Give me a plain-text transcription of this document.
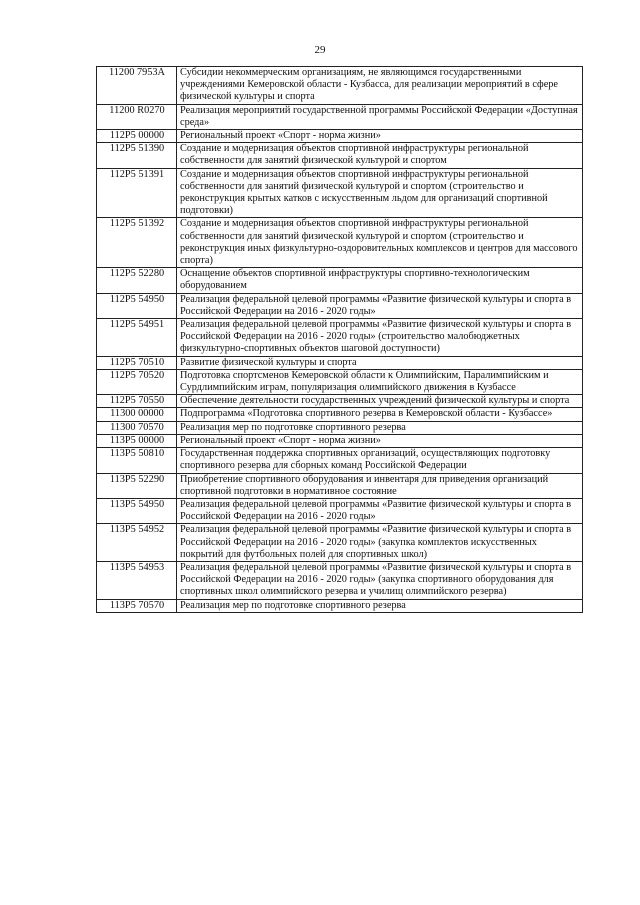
29
11200 7953A	Субсидии некоммерческим организациям, не являющимся государственными учреждениями Кемеровской области - Кузбасса, для реализации мероприятий в сфере физической культуры и спорта
11200 R0270	Реализация мероприятий государственной программы Российской Федерации «Доступная среда»
112P5 00000	Региональный проект «Спорт - норма жизни»
112P5 51390	Создание и модернизация объектов спортивной инфраструктуры региональной собственности для занятий физической культурой и спортом
112P5 51391	Создание и модернизация объектов спортивной инфраструктуры региональной собственности для занятий физической культурой и спортом (строительство и реконструкция крытых катков с искусственным льдом для организаций спортивной подготовки)
112P5 51392	Создание и модернизация объектов спортивной инфраструктуры региональной собственности для занятий физической культурой и спортом (строительство и реконструкция иных физкультурно-оздоровительных комплексов и центров для массового спорта)
112P5 52280	Оснащение объектов спортивной инфраструктуры спортивно-технологическим оборудованием
112P5 54950	Реализация федеральной целевой программы «Развитие физической культуры и спорта в Российской Федерации на 2016 - 2020 годы»
112P5 54951	Реализация федеральной целевой программы «Развитие физической культуры и спорта в Российской Федерации на 2016 - 2020 годы» (строительство малобюджетных физкультурно-спортивных объектов шаговой доступности)
112P5 70510	Развитие физической культуры и спорта
112P5 70520	Подготовка спортсменов Кемеровской области к Олимпийским, Паралимпийским и Сурдлимпийским играм, популяризация олимпийского движения в Кузбассе
112P5 70550	Обеспечение деятельности государственных учреждений физической культуры и спорта
11300 00000	Подпрограмма «Подготовка спортивного резерва в Кемеровской области - Кузбассе»
11300 70570	Реализация мер по подготовке спортивного резерва
113P5 00000	Региональный проект «Спорт - норма жизни»
113P5 50810	Государственная поддержка спортивных организаций, осуществляющих подготовку спортивного резерва для сборных команд Российской Федерации
113P5 52290	Приобретение спортивного оборудования и инвентаря для приведения организаций спортивной подготовки в нормативное состояние
113P5 54950	Реализация федеральной целевой программы «Развитие физической культуры и спорта в Российской Федерации на 2016 - 2020 годы»
113P5 54952	Реализация федеральной целевой программы «Развитие физической культуры и спорта в Российской Федерации на 2016 - 2020 годы» (закупка комплектов искусственных покрытий для футбольных полей для спортивных школ)
113P5 54953	Реализация федеральной целевой программы «Развитие физической культуры и спорта в Российской Федерации на 2016 - 2020 годы» (закупка спортивного оборудования для спортивных школ олимпийского резерва и училищ олимпийского резерва)
113P5 70570	Реализация мер по подготовке спортивного резерва
